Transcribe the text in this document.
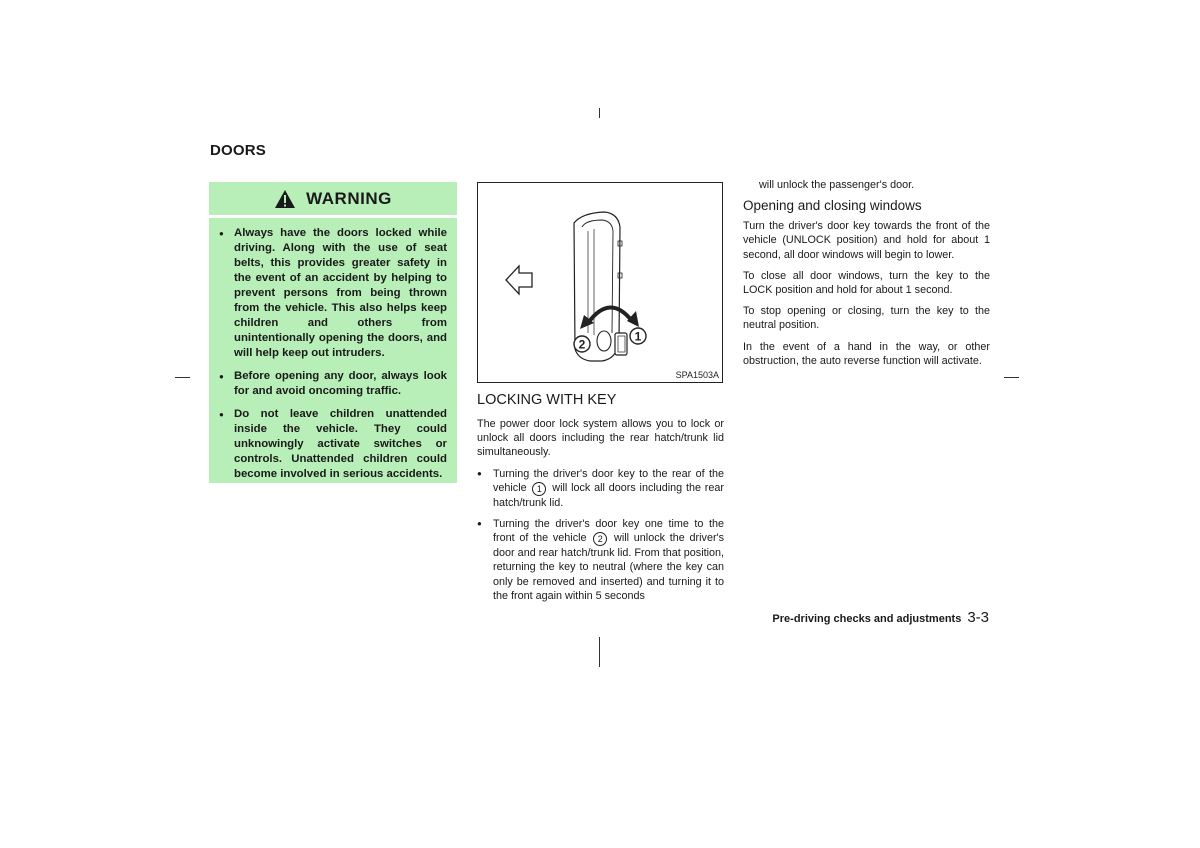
DOORS
WARNING
● Always have the doors locked while driving. Along with the use of seat belts, this provides greater safety in the event of an accident by helping to prevent persons from being thrown from the vehicle. This also helps keep children and others from unintentionally opening the doors, and will help keep out intruders.
● Before opening any door, always look for and avoid oncoming traffic.
● Do not leave children unattended inside the vehicle. They could unknowingly activate switches or controls. Unattended children could become involved in serious accidents.
2
1
SPA1503A
LOCKING WITH KEY

The power door lock system allows you to lock or unlock all doors including the rear hatch/trunk lid simultaneously.

● Turning the driver's door key to the rear of the vehicle 1 will lock all doors including the rear hatch/trunk lid.
● Turning the driver's door key one time to the front of the vehicle 2 will unlock the driver's door and rear hatch/trunk lid. From that position, returning the key to neutral (where the key can only be removed and inserted) and turning it to the front again within 5 seconds

will unlock the passenger's door.

Opening and closing windows

Turn the driver's door key towards the front of the vehicle (UNLOCK position) and hold for about 1 second, all door windows will begin to lower.

To close all door windows, turn the key to the LOCK position and hold for about 1 second.

To stop opening or closing, turn the key to the neutral position.

In the event of a hand in the way, or other obstruction, the auto reverse function will activate.

Pre-driving checks and adjustments 3-3
